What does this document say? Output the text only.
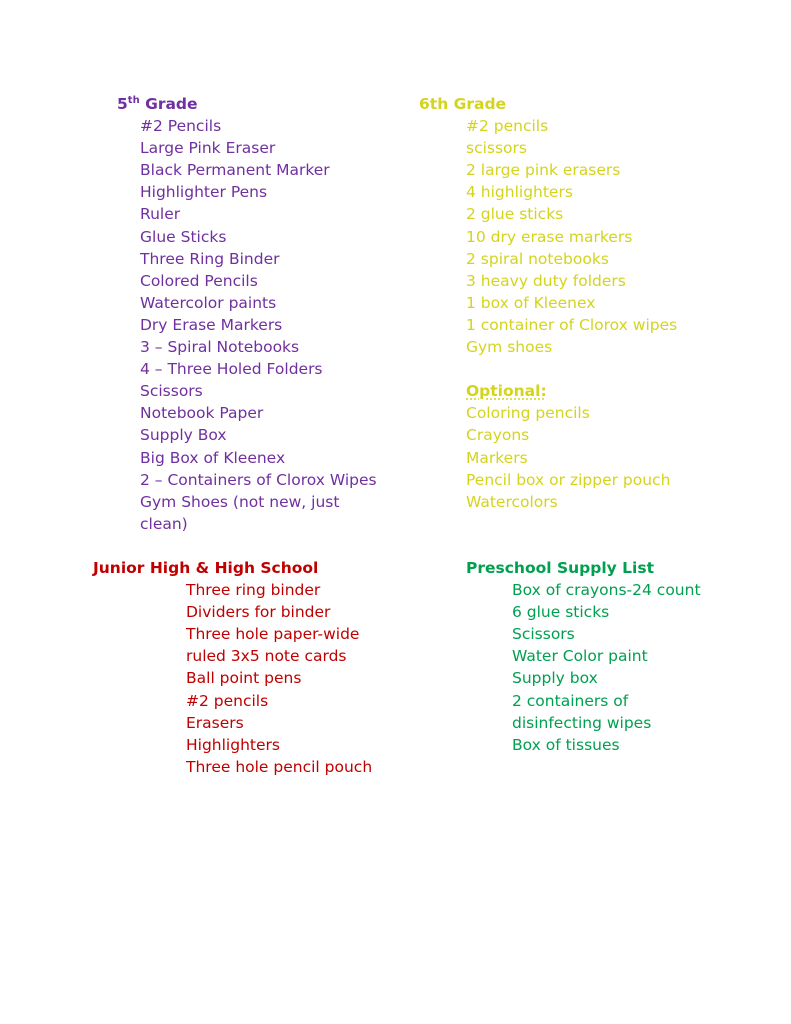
5th Grade
#2 Pencils
Large Pink Eraser
Black Permanent Marker
Highlighter Pens
Ruler
Glue Sticks
Three Ring Binder
Colored Pencils
Watercolor paints
Dry Erase Markers
3 – Spiral Notebooks
4 – Three Holed Folders
Scissors
Notebook Paper
Supply Box
Big Box of Kleenex
2 – Containers of Clorox Wipes
Gym Shoes (not new, just
clean)
6th Grade
#2 pencils
scissors
2 large pink erasers
4 highlighters
2 glue sticks
10 dry erase markers
2 spiral notebooks
3 heavy duty folders
1 box of Kleenex
1 container of Clorox wipes
Gym shoes
Optional:
Coloring pencils
Crayons
Markers
Pencil box or zipper pouch
Watercolors
Junior High & High School
Three ring binder
Dividers for binder
Three hole paper-wide
ruled 3x5 note cards
Ball point pens
#2 pencils
Erasers
Highlighters
Three hole pencil pouch
Preschool Supply List
Box of crayons-24 count
6 glue sticks
Scissors
Water Color paint
Supply box
2 containers of
disinfecting wipes
Box of tissues
